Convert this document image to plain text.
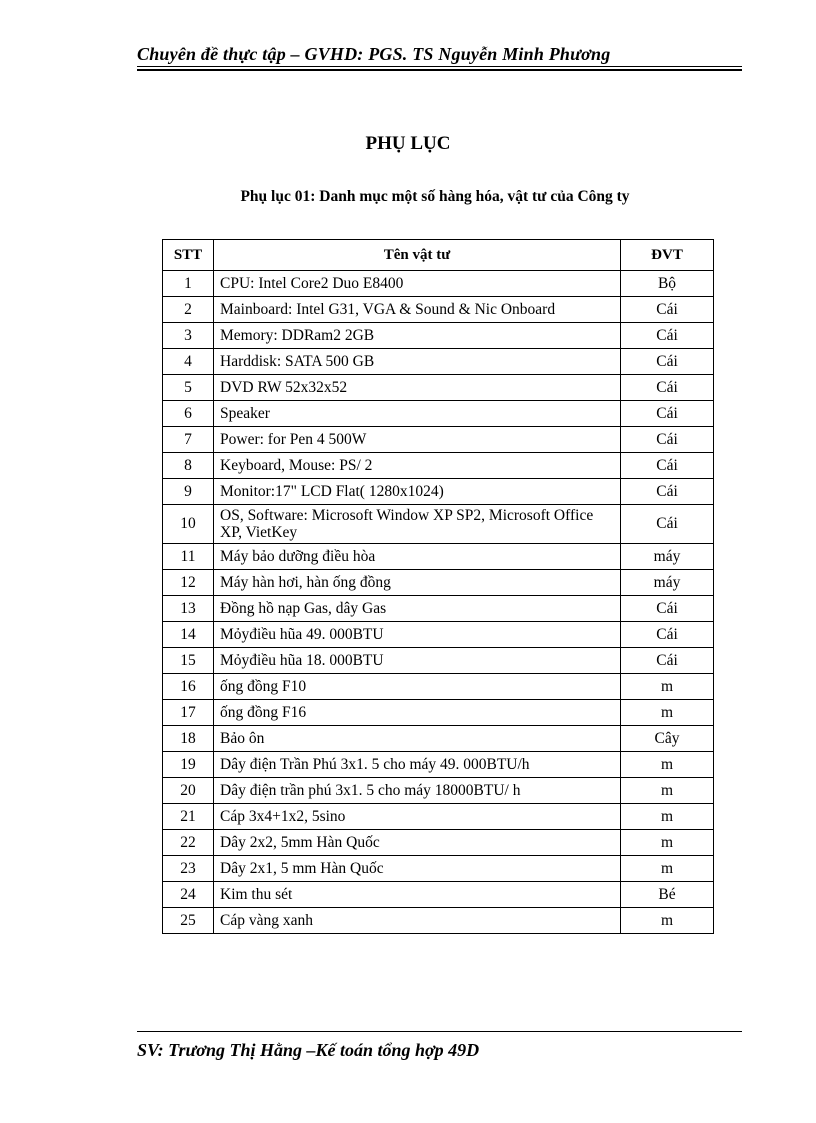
Chuyên đề thực tập – GVHD: PGS. TS Nguyễn Minh Phương
PHỤ LỤC
Phụ lục 01: Danh mục một số hàng hóa, vật tư của Công ty
STT	Tên vật tư	ĐVT
1	CPU: Intel Core2 Duo E8400	Bộ
2	Mainboard: Intel G31, VGA & Sound & Nic Onboard	Cái
3	Memory: DDRam2 2GB	Cái
4	Harddisk: SATA 500 GB	Cái
5	DVD RW 52x32x52	Cái
6	Speaker	Cái
7	Power: for Pen 4 500W	Cái
8	Keyboard, Mouse: PS/ 2	Cái
9	Monitor:17" LCD Flat( 1280x1024)	Cái
10	OS, Software: Microsoft Window XP SP2, Microsoft Office XP, VietKey	Cái
11	Máy bảo dưỡng điều hòa	máy
12	Máy hàn hơi, hàn ống đồng	máy
13	Đồng hồ nạp Gas, dây Gas	Cái
14	Mỏyđiều hũa 49. 000BTU	Cái
15	Mỏyđiều hũa 18. 000BTU	Cái
16	ống đồng F10	m
17	ống đồng F16	m
18	Bảo ôn	Cây
19	Dây điện Trần Phú 3x1. 5 cho máy 49. 000BTU/h	m
20	Dây điện trần phú 3x1. 5 cho máy 18000BTU/ h	m
21	Cáp 3x4+1x2, 5sino	m
22	Dây 2x2, 5mm Hàn Quốc	m
23	Dây 2x1, 5 mm Hàn Quốc	m
24	Kim thu sét	Bé
25	Cáp vàng xanh	m
SV: Trương Thị Hằng –Kế toán tổng hợp 49D
